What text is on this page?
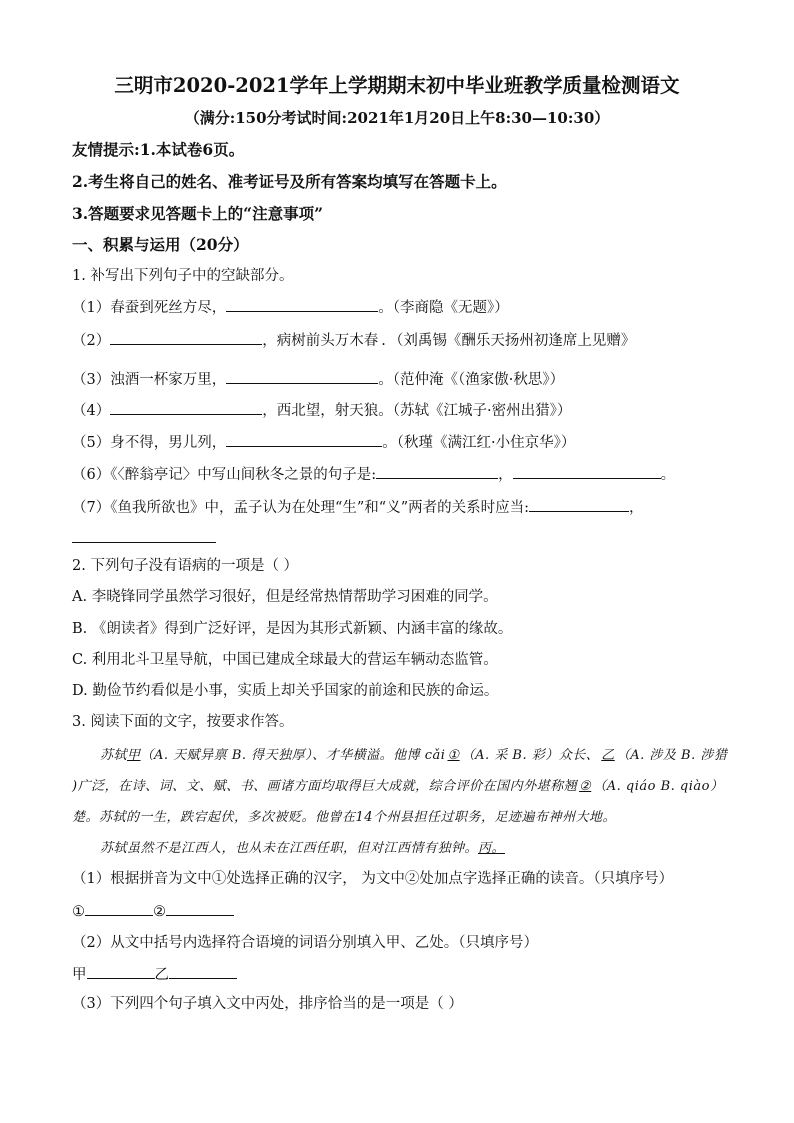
三明市2020-2021学年上学期期末初中毕业班教学质量检测语文
（满分:150分考试时间:2021年1月20日上午8:30—10:30）
友情提示:1.本试卷6页。
2.考生将自己的姓名、准考证号及所有答案均填写在答题卡上。
3.答题要求见答题卡上的“注意事项”
一、积累与运用（20分）
1. 补写出下列句子中的空缺部分。
（1）春蚕到死丝方尽，	。（李商隐《无题》）
（2）	，病树前头万木春 . （刘禹锡《酬乐天扬州初逢席上见赠》
（3）浊酒一杯家万里，	。（范仲淹《（渔家傲·秋思》）
（4）	，西北望，射天狼。（苏轼《江城子·密州出猎》）
（5）身不得，男儿列，	。（秋瑾《满江红·小住京华》）
（6）《〈醉翁亭记〉中写山间秋冬之景的句子是:	，	。
（7）《鱼我所欲也》中，孟子认为在处理“生”和“义”两者的关系时应当:	，
2. 下列句子没有语病的一项是（ ）
A. 李晓锋同学虽然学习很好，但是经常热情帮助学习困难的同学。
B. 《朗读者》得到广泛好评，是因为其形式新颖、内涵丰富的缘故。
C. 利用北斗卫星导航，中国已建成全球最大的营运车辆动态监管。
D. 勤俭节约看似是小事，实质上却关乎国家的前途和民族的命运。
3. 阅读下面的文字，按要求作答。
苏轼甲（A. 天赋异禀 B. 得天独厚）、才华横溢。他博 cǎi ① （A. 采 B. 彩）众长、 乙 （A. 涉及 B. 涉猎
)广泛，在诗、词、文、赋、书、画诸方面均取得巨大成就，综合评价在国内外堪称翘 ② （A. qiáo B. qiào）
楚。苏轼的一生，跌宕起伏，多次被贬。他曾在14个州县担任过职务，足迹遍布神州大地。
苏轼虽然不是江西人，也从未在江西任职，但对江西情有独钟。丙。
（1）根据拼音为文中①处选择正确的汉字， 为文中②处加点字选择正确的读音。（只填序号）
①	②
（2）从文中括号内选择符合语境的词语分别填入甲、乙处。（只填序号）
甲	乙
（3）下列四个句子填入文中丙处，排序恰当的是一项是（ ）
